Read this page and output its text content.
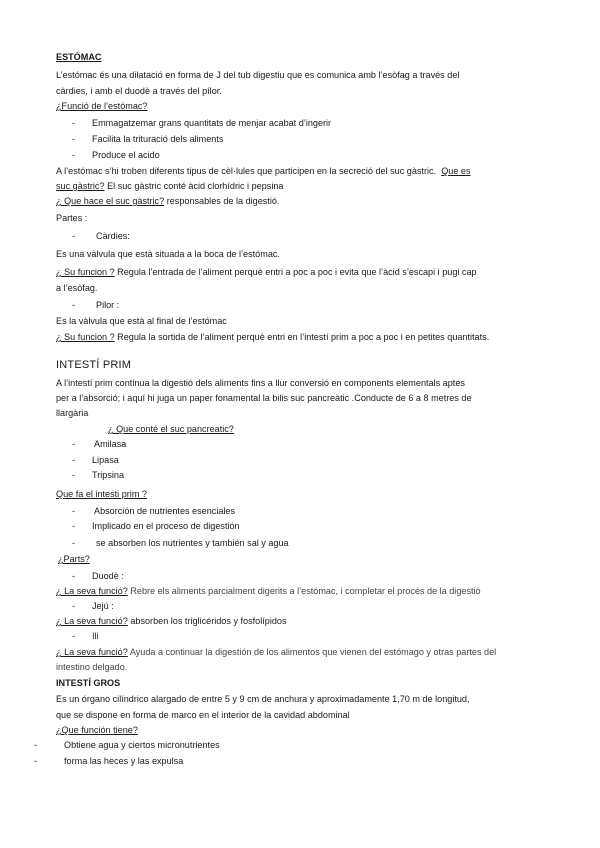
ESTÓMAC
L’estómac és una dilatació en forma de J del tub digestiu que es comunica amb l’esòfag a través del
càrdies, i amb el duodè a través del pílor.
¿Funció de l’estómac?
- Emmagatzemar grans quantitats de menjar acabat d’ingerir
- Facilita la trituració dels aliments
- Produce el acido
A l’estómac s’hi troben diferents tipus de cèl·lules que participen en la secreció del suc gàstric. Que es
suc gàstric? El suc gàstric conté àcid clorhídric i pepsina
¿ Que hace el suc gàstric? responsables de la digestió.
Partes :
- Càrdies:
Es una vàlvula que està situada a la boca de l’estómac.
¿ Su funcion ? Regula l’entrada de l’aliment perquè entri a poc a poc i evita que l’àcid s’escapi i pugi cap
a l’esòfag.
- Pilor :
Es la vàlvula que està al final de l’estómac
¿ Su funcion ? Regula la sortida de l’aliment perquè entri en l’intestí prim a poc a poc i en petites quantitats.
INTESTÍ PRIM
A l’intestí prim continua la digestió dels aliments fins a llur conversió en components elementals aptes
per a l’absorció; i aquí hi juga un paper fonamental la bilis suc pancreàtic .Conducte de 6 a 8 metres de
llargària
¿ Que conté el suc pancreatic?
- Amilasa
- Lipasa
- Tripsina
Que fa el intesti prim ?
- Absorción de nutrientes esenciales
- Implicado en el proceso de digestión
- se absorben los nutrientes y también sal y agua
¿Parts?
- Duodè :
¿ La seva funció? Rebre els aliments parcialment digerits a l’estómac, i completar el procés de la digestió
- Jejú :
¿ La seva funció? absorben los triglicéridos y fosfolípidos
- Ili
¿ La seva funció? Ayuda a continuar la digestión de los alimentos que vienen del estómago y otras partes del
intestino delgado.
INTESTÍ GROS
Es un órgano cilíndrico alargado de entre 5 y 9 cm de anchura y aproximadamente 1,70 m de longitud,
que se dispone en forma de marco en el interior de la cavidad abdominal
¿Que función tiene?
-	Obtiene agua y ciertos micronutrientes
-	forma las heces y las expulsa
